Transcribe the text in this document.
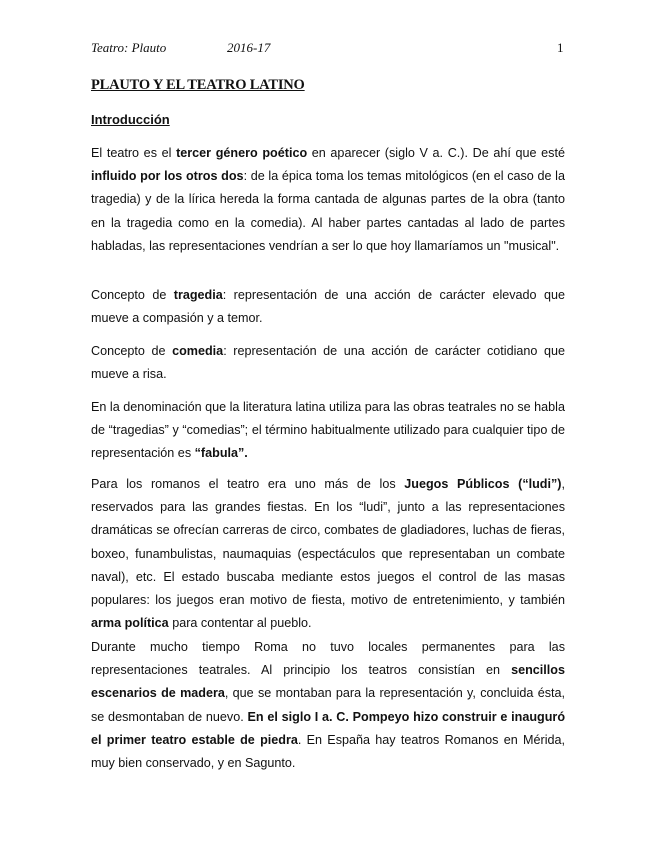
Teatro: Plauto	2016-17	1
PLAUTO Y EL TEATRO LATINO
Introducción

El teatro es el tercer género poético en aparecer (siglo V a. C.). De ahí que esté influido por los otros dos: de la épica toma los temas mitológicos (en el caso de la tragedia) y de la lírica hereda la forma cantada de algunas partes de la obra (tanto en la tragedia como en la comedia). Al haber partes cantadas al lado de partes habladas, las representaciones vendrían a ser lo que hoy llamaríamos un "musical".

Concepto de tragedia: representación de una acción de carácter elevado que mueve a compasión y a temor.

Concepto de comedia: representación de una acción de carácter cotidiano que mueve a risa.

En la denominación que la literatura latina utiliza para las obras teatrales no se habla de “tragedias” y “comedias”; el término habitualmente utilizado para cualquier tipo de representación es “fabula”.

Para los romanos el teatro era uno más de los Juegos Públicos (“ludi”), reservados para las grandes fiestas. En los “ludi”, junto a las representaciones dramáticas se ofrecían carreras de circo, combates de gladiadores, luchas de fieras, boxeo, funambulistas, naumaquias (espectáculos que representaban un combate naval), etc. El estado buscaba mediante estos juegos el control de las masas populares: los juegos eran motivo de fiesta, motivo de entretenimiento, y también arma política para contentar al pueblo.

Durante mucho tiempo Roma no tuvo locales permanentes para las representaciones teatrales. Al principio los teatros consistían en sencillos escenarios de madera, que se montaban para la representación y, concluida ésta, se desmontaban de nuevo. En el siglo I a. C. Pompeyo hizo construir e inauguró el primer teatro estable de piedra. En España hay teatros Romanos en Mérida, muy bien conservado, y en Sagunto.
